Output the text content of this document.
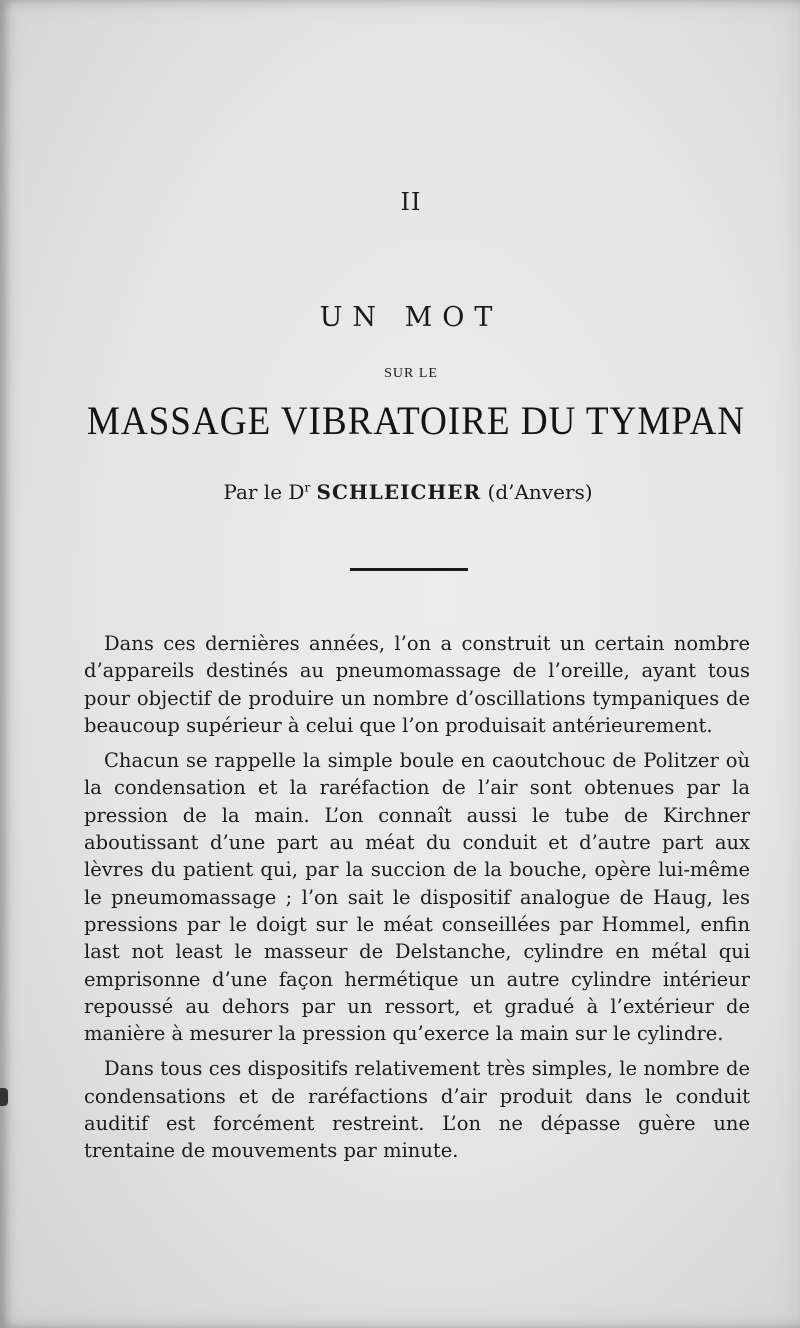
II
UN MOT
SUR LE
MASSAGE VIBRATOIRE DU TYMPAN
Par le $D^r$ SCHLEICHER (d’Anvers)

Dans ces dernières années, l’on a construit un certain nombre d’appareils destinés au pneumomassage de l’oreille, ayant tous pour objectif de produire un nombre d’oscillations tympaniques de beaucoup supérieur à celui que l’on produisait antérieurement.

Chacun se rappelle la simple boule en caoutchouc de Politzer où la condensation et la raréfaction de l’air sont obtenues par la pression de la main. L’on connaît aussi le tube de Kirchner aboutissant d’une part au méat du conduit et d’autre part aux lèvres du patient qui, par la succion de la bouche, opère lui-même le pneumomassage ; l’on sait le dispositif analogue de Haug, les pressions par le doigt sur le méat conseillées par Hommel, enfin last not least le masseur de Delstanche, cylindre en métal qui emprisonne d’une façon hermétique un autre cylindre intérieur repoussé au dehors par un ressort, et gradué à l’extérieur de manière à mesurer la pression qu’exerce la main sur le cylindre.

Dans tous ces dispositifs relativement très simples, le nombre de condensations et de raréfactions d’air produit dans le conduit auditif est forcément restreint. L’on ne dépasse guère une trentaine de mouvements par minute.
